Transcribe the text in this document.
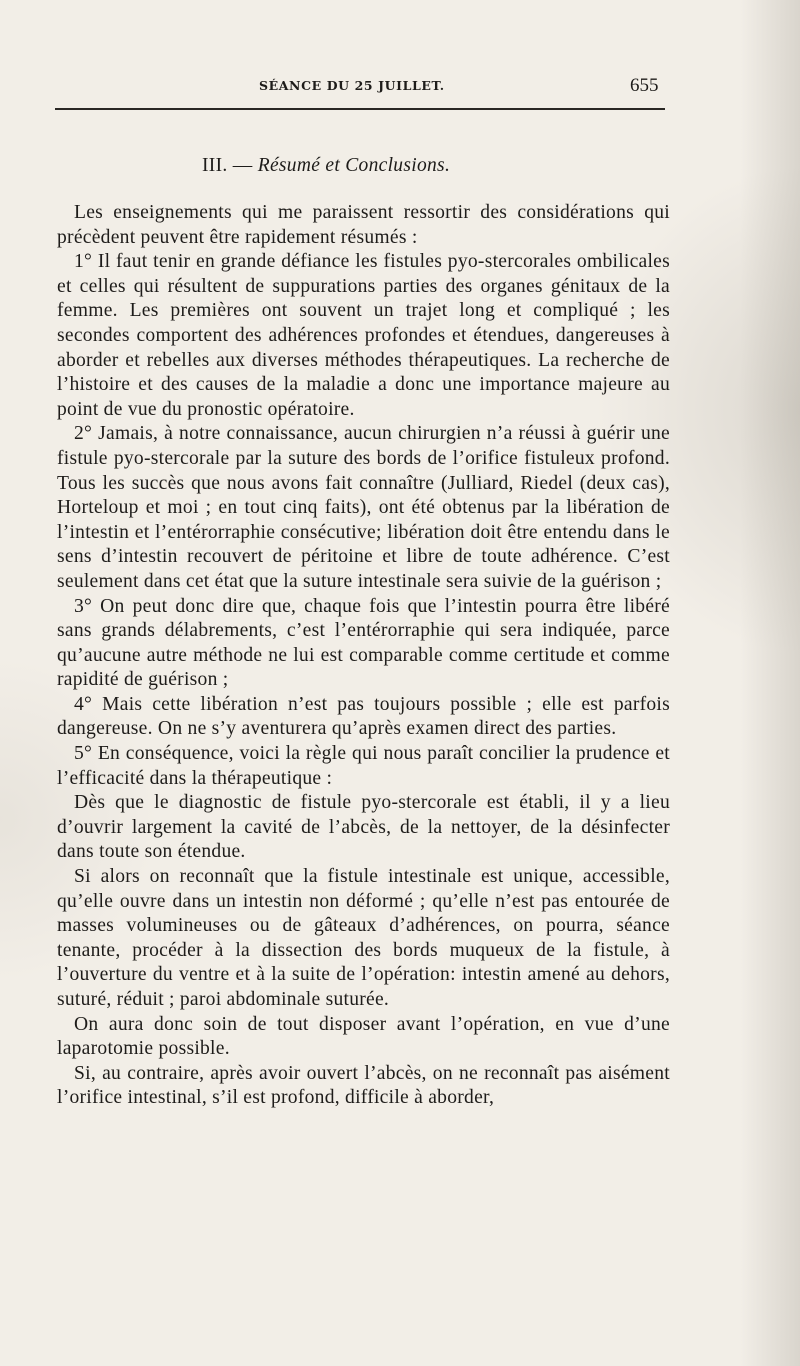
SÉANCE DU 25 JUILLET.	655
III. — Résumé et Conclusions.

Les enseignements qui me paraissent ressortir des considérations qui précèdent peuvent être rapidement résumés :

1° Il faut tenir en grande défiance les fistules pyo-stercorales ombilicales et celles qui résultent de suppurations parties des organes génitaux de la femme. Les premières ont souvent un trajet long et compliqué ; les secondes comportent des adhérences profondes et étendues, dangereuses à aborder et rebelles aux diverses méthodes thérapeutiques. La recherche de l’histoire et des causes de la maladie a donc une importance majeure au point de vue du pronostic opératoire.

2° Jamais, à notre connaissance, aucun chirurgien n’a réussi à guérir une fistule pyo-stercorale par la suture des bords de l’orifice fistuleux profond. Tous les succès que nous avons fait connaître (Julliard, Riedel (deux cas), Horteloup et moi ; en tout cinq faits), ont été obtenus par la libération de l’intestin et l’entérorraphie consécutive; libération doit être entendu dans le sens d’intestin recouvert de péritoine et libre de toute adhérence. C’est seulement dans cet état que la suture intestinale sera suivie de la guérison ;

3° On peut donc dire que, chaque fois que l’intestin pourra être libéré sans grands délabrements, c’est l’entérorraphie qui sera indiquée, parce qu’aucune autre méthode ne lui est comparable comme certitude et comme rapidité de guérison ;

4° Mais cette libération n’est pas toujours possible ; elle est parfois dangereuse. On ne s’y aventurera qu’après examen direct des parties.

5° En conséquence, voici la règle qui nous paraît concilier la prudence et l’efficacité dans la thérapeutique :

Dès que le diagnostic de fistule pyo-stercorale est établi, il y a lieu d’ouvrir largement la cavité de l’abcès, de la nettoyer, de la désinfecter dans toute son étendue.

Si alors on reconnaît que la fistule intestinale est unique, accessible, qu’elle ouvre dans un intestin non déformé ; qu’elle n’est pas entourée de masses volumineuses ou de gâteaux d’adhérences, on pourra, séance tenante, procéder à la dissection des bords muqueux de la fistule, à l’ouverture du ventre et à la suite de l’opération: intestin amené au dehors, suturé, réduit ; paroi abdominale suturée.

On aura donc soin de tout disposer avant l’opération, en vue d’une laparotomie possible.

Si, au contraire, après avoir ouvert l’abcès, on ne reconnaît pas aisément l’orifice intestinal, s’il est profond, difficile à aborder,
